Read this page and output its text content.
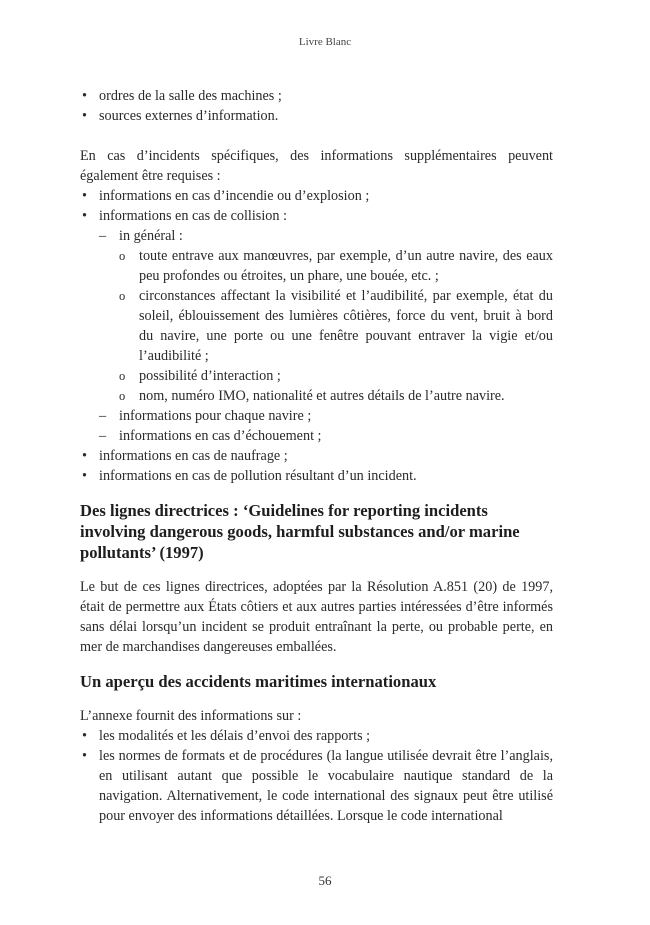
Livre Blanc
• ordres de la salle des machines ;
• sources externes d’information.

En cas d’incidents spécifiques, des informations supplémentaires peuvent également être requises :

• informations en cas d’incendie ou d’explosion ;
• informations en cas de collision :
– in général :
o toute entrave aux manœuvres, par exemple, d’un autre navire, des eaux peu profondes ou étroites, un phare, une bouée, etc. ;
o circonstances affectant la visibilité et l’audibilité, par exemple, état du soleil, éblouissement des lumières côtières, force du vent, bruit à bord du navire, une porte ou une fenêtre pouvant entraver la vigie et/ou l’audibilité ;
o possibilité d’interaction ;
o nom, numéro IMO, nationalité et autres détails de l’autre navire.
– informations pour chaque navire ;
– informations en cas d’échouement ;
• informations en cas de naufrage ;
• informations en cas de pollution résultant d’un incident.
Des lignes directrices : ‘Guidelines for reporting incidents involving dangerous goods, harmful substances and/or marine pollutants’ (1997)

Le but de ces lignes directrices, adoptées par la Résolution A.851 (20) de 1997, était de permettre aux États côtiers et aux autres parties intéressées d’être informés sans délai lorsqu’un incident se produit entraînant la perte, ou probable perte, en mer de marchandises dangereuses emballées.

Un aperçu des accidents maritimes internationaux

L’annexe fournit des informations sur :

• les modalités et les délais d’envoi des rapports ;
• les normes de formats et de procédures (la langue utilisée devrait être l’anglais, en utilisant autant que possible le vocabulaire nautique standard de la navigation. Alternativement, le code international des signaux peut être utilisé pour envoyer des informations détaillées. Lorsque le code international
56
